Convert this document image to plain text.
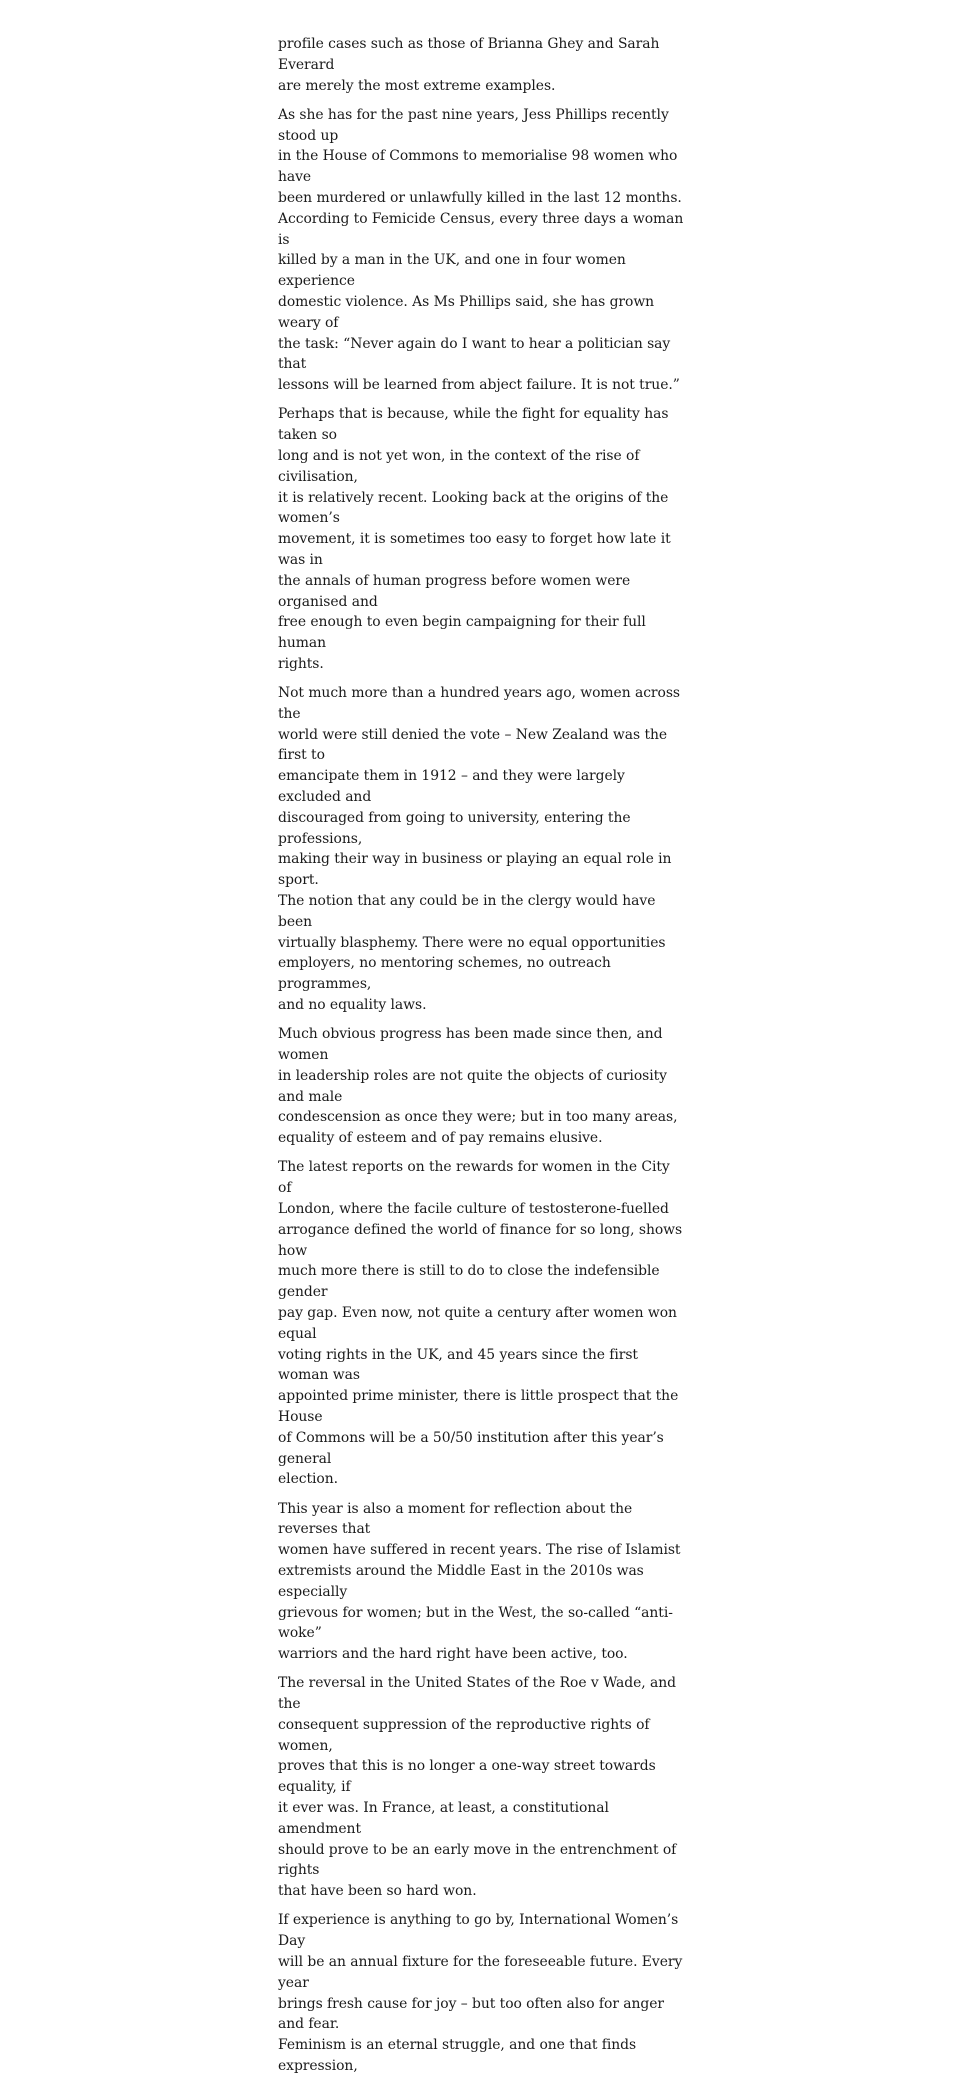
profile cases such as those of Brianna Ghey and Sarah Everard
are merely the most extreme examples.

As she has for the past nine years, Jess Phillips recently stood up
in the House of Commons to memorialise 98 women who have
been murdered or unlawfully killed in the last 12 months.
According to Femicide Census, every three days a woman is
killed by a man in the UK, and one in four women experience
domestic violence. As Ms Phillips said, she has grown weary of
the task: “Never again do I want to hear a politician say that
lessons will be learned from abject failure. It is not true.”

Perhaps that is because, while the fight for equality has taken so
long and is not yet won, in the context of the rise of civilisation,
it is relatively recent. Looking back at the origins of the women’s
movement, it is sometimes too easy to forget how late it was in
the annals of human progress before women were organised and
free enough to even begin campaigning for their full human
rights.

Not much more than a hundred years ago, women across the
world were still denied the vote – New Zealand was the first to
emancipate them in 1912 – and they were largely excluded and
discouraged from going to university, entering the professions,
making their way in business or playing an equal role in sport.
The notion that any could be in the clergy would have been
virtually blasphemy. There were no equal opportunities
employers, no mentoring schemes, no outreach programmes,
and no equality laws.

Much obvious progress has been made since then, and women
in leadership roles are not quite the objects of curiosity and male
condescension as once they were; but in too many areas,
equality of esteem and of pay remains elusive.

The latest reports on the rewards for women in the City of
London, where the facile culture of testosterone-fuelled
arrogance defined the world of finance for so long, shows how
much more there is still to do to close the indefensible gender
pay gap. Even now, not quite a century after women won equal
voting rights in the UK, and 45 years since the first woman was
appointed prime minister, there is little prospect that the House
of Commons will be a 50/50 institution after this year’s general
election.

This year is also a moment for reflection about the reverses that
women have suffered in recent years. The rise of Islamist
extremists around the Middle East in the 2010s was especially
grievous for women; but in the West, the so-called “anti-woke”
warriors and the hard right have been active, too.

The reversal in the United States of the Roe v Wade, and the
consequent suppression of the reproductive rights of women,
proves that this is no longer a one-way street towards equality, if
it ever was. In France, at least, a constitutional amendment
should prove to be an early move in the entrenchment of rights
that have been so hard won.

If experience is anything to go by, International Women’s Day
will be an annual fixture for the foreseeable future. Every year
brings fresh cause for joy – but too often also for anger and fear.
Feminism is an eternal struggle, and one that finds expression,
